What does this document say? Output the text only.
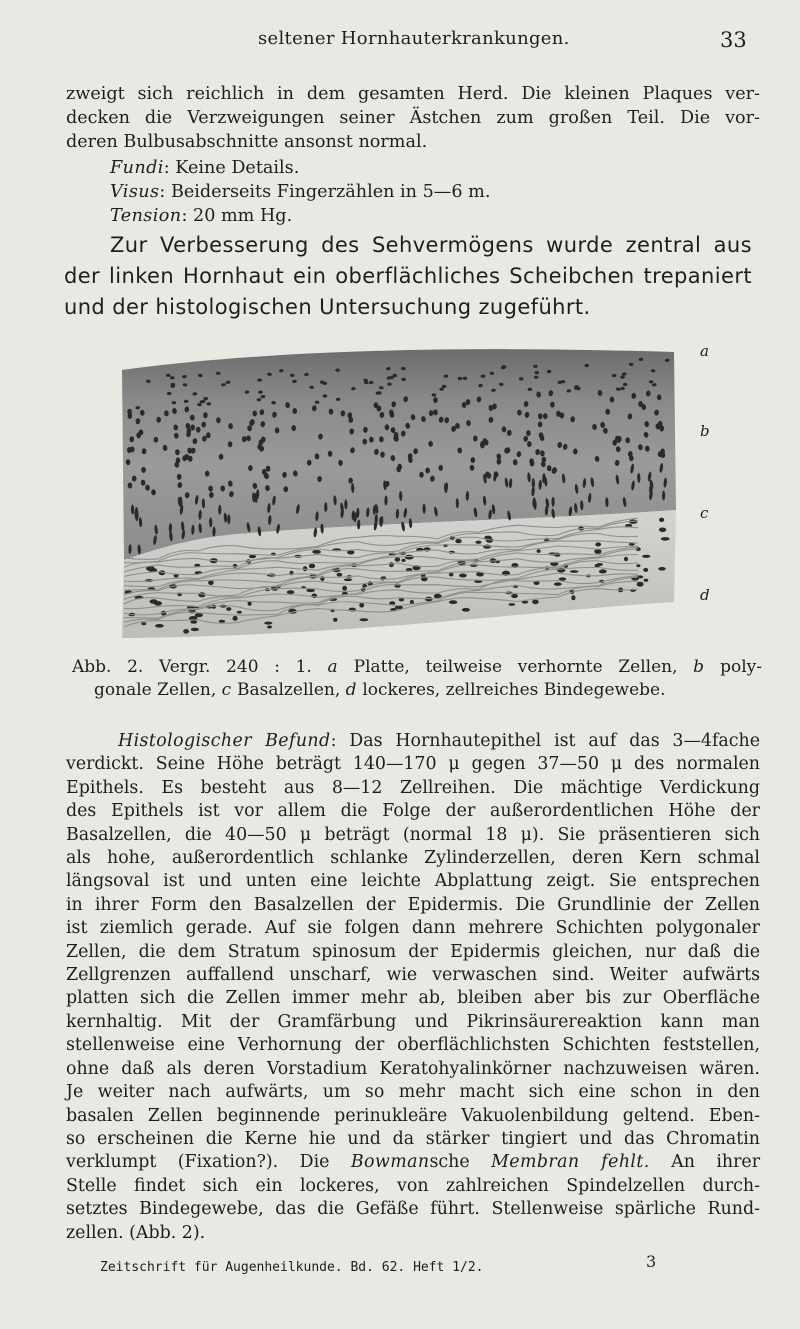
seltener Hornhauterkrankungen.	33
zweigt sich reichlich in dem gesamten Herd. Die kleinen Plaques ver-
decken die Verzweigungen seiner Ästchen zum großen Teil. Die vor-
deren Bulbusabschnitte ansonst normal.
Fundi: Keine Details.
Visus: Beiderseits Fingerzählen in 5—6 m.
Tension: 20 mm Hg.
Zur Verbesserung des Sehvermögens wurde zentral aus
der linken Hornhaut ein oberflächliches Scheibchen trepaniert
und der histologischen Untersuchung zugeführt.
a
b
c
d
Abb. 2. Vergr. 240 : 1. a Platte, teilweise verhornte Zellen, b poly-
gonale Zellen, c Basalzellen, d lockeres, zellreiches Bindegewebe.
Histologischer Befund: Das Hornhautepithel ist auf das 3—4fache
verdickt. Seine Höhe beträgt 140—170 μ gegen 37—50 μ des normalen
Epithels. Es besteht aus 8—12 Zellreihen. Die mächtige Verdickung
des Epithels ist vor allem die Folge der außerordentlichen Höhe der
Basalzellen, die 40—50 μ beträgt (normal 18 μ). Sie präsentieren sich
als hohe, außerordentlich schlanke Zylinderzellen, deren Kern schmal
längsoval ist und unten eine leichte Abplattung zeigt. Sie entsprechen
in ihrer Form den Basalzellen der Epidermis. Die Grundlinie der Zellen
ist ziemlich gerade. Auf sie folgen dann mehrere Schichten polygonaler
Zellen, die dem Stratum spinosum der Epidermis gleichen, nur daß die
Zellgrenzen auffallend unscharf, wie verwaschen sind. Weiter aufwärts
platten sich die Zellen immer mehr ab, bleiben aber bis zur Oberfläche
kernhaltig. Mit der Gramfärbung und Pikrinsäurereaktion kann man
stellenweise eine Verhornung der oberflächlichsten Schichten feststellen,
ohne daß als deren Vorstadium Keratohyalinkörner nachzuweisen wären.
Je weiter nach aufwärts, um so mehr macht sich eine schon in den
basalen Zellen beginnende perinukleäre Vakuolenbildung geltend. Eben-
so erscheinen die Kerne hie und da stärker tingiert und das Chromatin
verklumpt (Fixation?). Die Bowmansche Membran fehlt. An ihrer
Stelle findet sich ein lockeres, von zahlreichen Spindelzellen durch-
setztes Bindegewebe, das die Gefäße führt. Stellenweise spärliche Rund-
zellen. (Abb. 2).
Zeitschrift für Augenheilkunde. Bd. 62. Heft 1/2.	3
